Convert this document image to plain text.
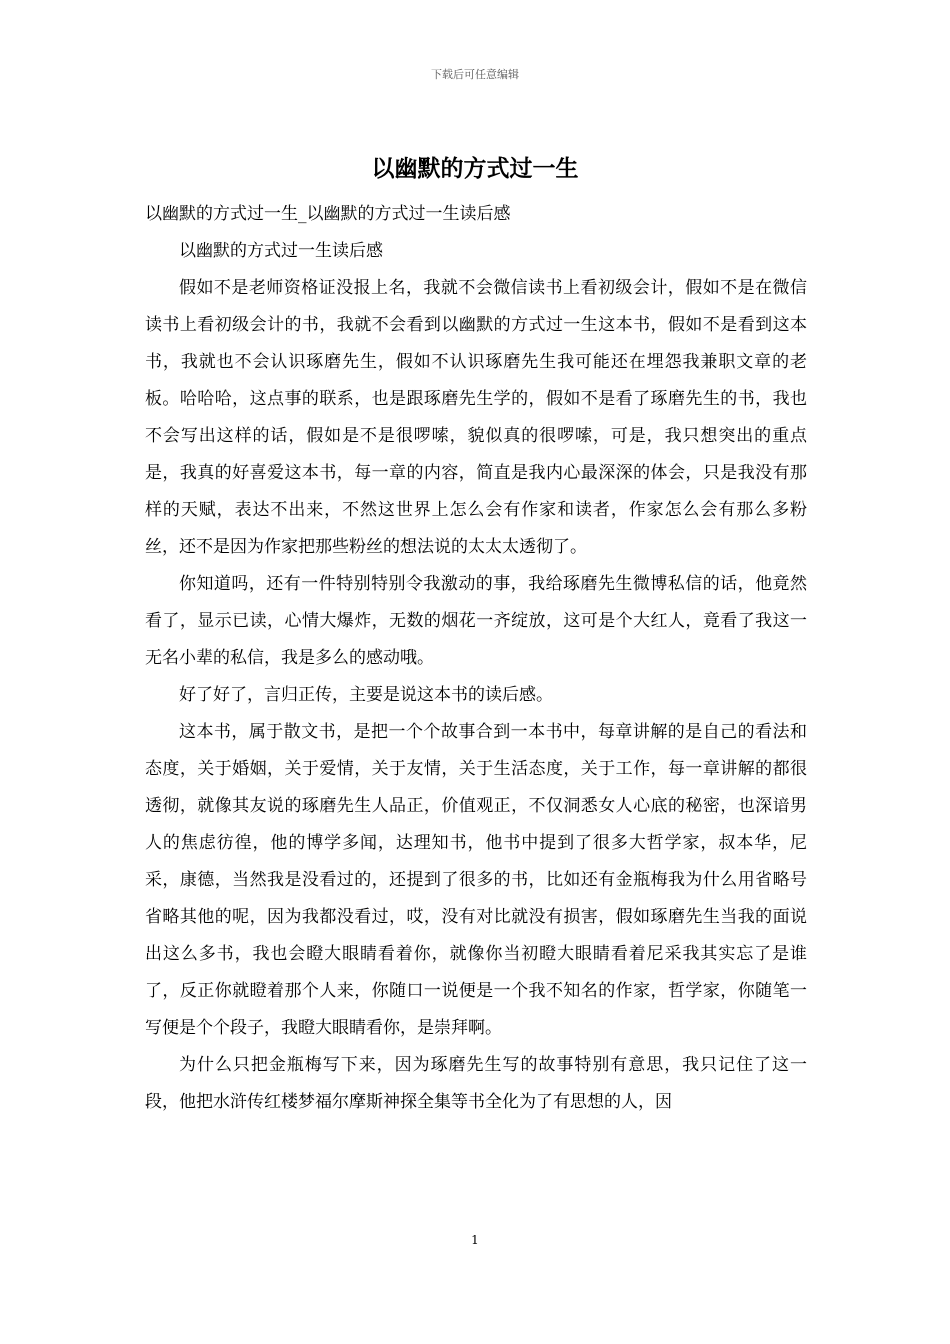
下载后可任意编辑
以幽默的方式过一生

以幽默的方式过一生_以幽默的方式过一生读后感

以幽默的方式过一生读后感

假如不是老师资格证没报上名，我就不会微信读书上看初级会计，假如不是在微信读书上看初级会计的书，我就不会看到以幽默的方式过一生这本书，假如不是看到这本书，我就也不会认识琢磨先生，假如不认识琢磨先生我可能还在埋怨我兼职文章的老板。哈哈哈，这点事的联系，也是跟琢磨先生学的，假如不是看了琢磨先生的书，我也不会写出这样的话，假如是不是很啰嗦，貌似真的很啰嗦，可是，我只想突出的重点是，我真的好喜爱这本书，每一章的内容，简直是我内心最深深的体会，只是我没有那样的天赋，表达不出来，不然这世界上怎么会有作家和读者，作家怎么会有那么多粉丝，还不是因为作家把那些粉丝的想法说的太太太透彻了。

你知道吗，还有一件特别特别令我激动的事，我给琢磨先生微博私信的话，他竟然看了，显示已读，心情大爆炸，无数的烟花一齐绽放，这可是个大红人，竟看了我这一无名小辈的私信，我是多么的感动哦。

好了好了，言归正传，主要是说这本书的读后感。

这本书，属于散文书，是把一个个故事合到一本书中，每章讲解的是自己的看法和态度，关于婚姻，关于爱情，关于友情，关于生活态度，关于工作，每一章讲解的都很透彻，就像其友说的琢磨先生人品正，价值观正，不仅洞悉女人心底的秘密，也深谙男人的焦虑彷徨，他的博学多闻，达理知书，他书中提到了很多大哲学家，叔本华，尼采，康德，当然我是没看过的，还提到了很多的书，比如还有金瓶梅我为什么用省略号省略其他的呢，因为我都没看过，哎，没有对比就没有损害，假如琢磨先生当我的面说出这么多书，我也会瞪大眼睛看着你，就像你当初瞪大眼睛看着尼采我其实忘了是谁了，反正你就瞪着那个人来，你随口一说便是一个我不知名的作家，哲学家，你随笔一写便是个个段子，我瞪大眼睛看你，是崇拜啊。

为什么只把金瓶梅写下来，因为琢磨先生写的故事特别有意思，我只记住了这一段，他把水浒传红楼梦福尔摩斯神探全集等书全化为了有思想的人，因

1
